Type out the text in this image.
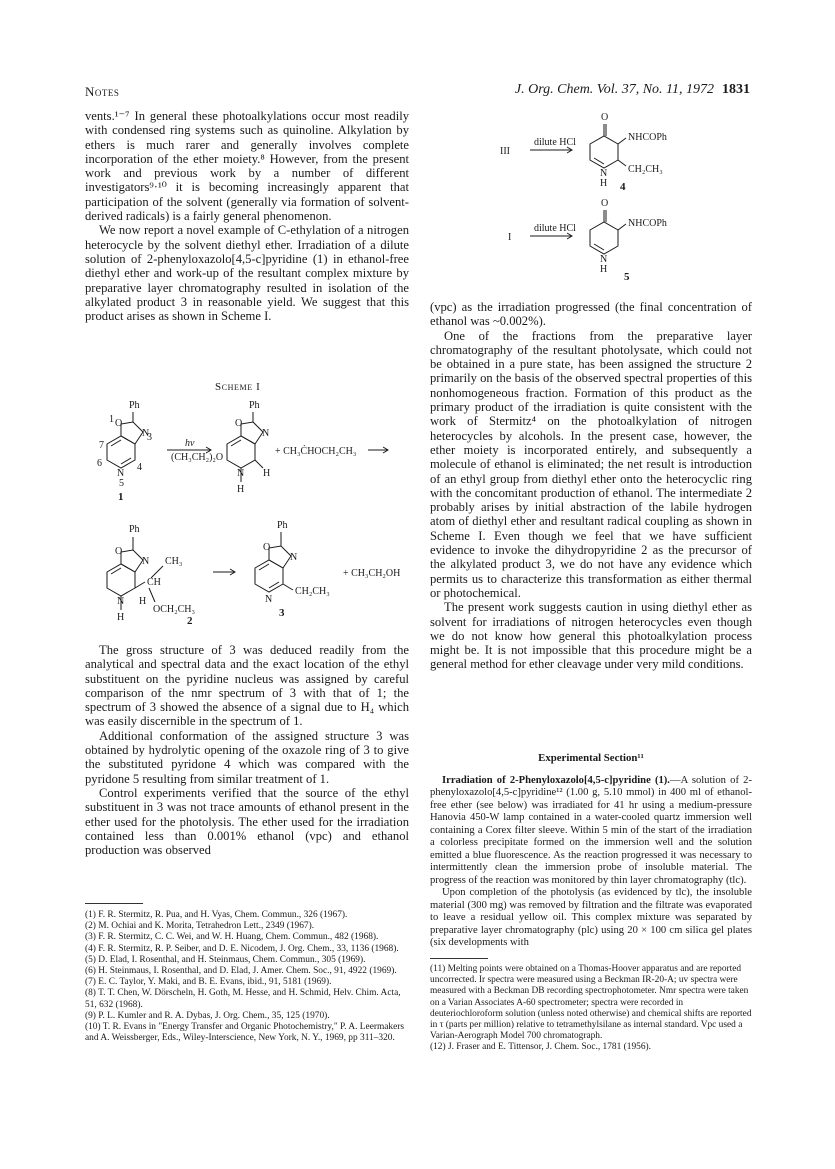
Notes	J. Org. Chem. Vol. 37, No. 11, 1972 1831

vents.¹⁻⁷ In general these photoalkylations occur most readily with condensed ring systems such as quinoline. Alkylation by ethers is much rarer and generally involves complete incorporation of the ether moiety.⁸ However, from the present work and previous work by a number of different investigators⁹·¹⁰ it is becoming increasingly apparent that participation of the solvent (generally via formation of solvent-derived radicals) is a fairly general phenomenon.

We now report a novel example of C-ethylation of a nitrogen heterocycle by the solvent diethyl ether. Irradiation of a dilute solution of 2-phenyloxazolo[4,5-c]pyridine (1) in ethanol-free diethyl ether and work-up of the resultant complex mixture by preparative layer chromatography resulted in isolation of the alkylated product 3 in reasonable yield. We suggest that this product arises as shown in Scheme I.

Scheme I
Ph
O
N
N
5
7
6	4
3
1
1
hν
(CH₃CH₂)₂O
Ph
O
N
N
H
H
+ CH₃ĊHOCH₂CH₃
Ph
O
N
CH
CH₃
OCH₂CH₃
H
N
H	2
Ph
O
N
N
CH₂CH₃
3
+ CH₃CH₂OH

The gross structure of 3 was deduced readily from the analytical and spectral data and the exact location of the ethyl substituent on the pyridine nucleus was assigned by careful comparison of the nmr spectrum of 3 with that of 1; the spectrum of 3 showed the absence of a signal due to H₄ which was easily discernible in the spectrum of 1.

Additional conformation of the assigned structure 3 was obtained by hydrolytic opening of the oxazole ring of 3 to give the substituted pyridone 4 which was compared with the pyridone 5 resulting from similar treatment of 1.

Control experiments verified that the source of the ethyl substituent in 3 was not trace amounts of ethanol present in the ether used for the photolysis. The ether used for the irradiation contained less than 0.001% ethanol (vpc) and ethanol production was observed

(1) F. R. Stermitz, R. Pua, and H. Vyas, Chem. Commun., 326 (1967).
(2) M. Ochiai and K. Morita, Tetrahedron Lett., 2349 (1967).
(3) F. R. Stermitz, C. C. Wei, and W. H. Huang, Chem. Commun., 482 (1968).
(4) F. R. Stermitz, R. P. Seiber, and D. E. Nicodem, J. Org. Chem., 33, 1136 (1968).
(5) D. Elad, I. Rosenthal, and H. Steinmaus, Chem. Commun., 305 (1969).
(6) H. Steinmaus, I. Rosenthal, and D. Elad, J. Amer. Chem. Soc., 91, 4922 (1969).
(7) E. C. Taylor, Y. Maki, and B. E. Evans, ibid., 91, 5181 (1969).
(8) T. T. Chen, W. Dörscheln, H. Goth, M. Hesse, and H. Schmid, Helv. Chim. Acta, 51, 632 (1968).
(9) P. L. Kumler and R. A. Dybas, J. Org. Chem., 35, 125 (1970).
(10) T. R. Evans in "Energy Transfer and Organic Photochemistry," P. A. Leermakers and A. Weissberger, Eds., Wiley-Interscience, New York, N. Y., 1969, pp 311–320.
III
dilute HCl
O
NHCOPh
CH₂CH₃
N
H 4
I
dilute HCl
O
NHCOPh
N
H
5

(vpc) as the irradiation progressed (the final concentration of ethanol was ~0.002%).

One of the fractions from the preparative layer chromatography of the resultant photolysate, which could not be obtained in a pure state, has been assigned the structure 2 primarily on the basis of the observed spectral properties of this nonhomogeneous fraction. Formation of this product as the primary product of the irradiation is quite consistent with the work of Stermitz⁴ on the photoalkylation of nitrogen heterocycles by alcohols. In the present case, however, the ether moiety is incorporated entirely, and subsequently a molecule of ethanol is eliminated; the net result is introduction of an ethyl group from diethyl ether onto the heterocyclic ring with the concomitant production of ethanol. The intermediate 2 probably arises by initial abstraction of the labile hydrogen atom of diethyl ether and resultant radical coupling as shown in Scheme I. Even though we feel that we have sufficient evidence to invoke the dihydropyridine 2 as the precursor of the alkylated product 3, we do not have any evidence which permits us to characterize this transformation as either thermal or photochemical.

The present work suggests caution in using diethyl ether as solvent for irradiations of nitrogen heterocycles even though we do not know how general this photoalkylation process might be. It is not impossible that this procedure might be a general method for ether cleavage under very mild conditions.

Experimental Section¹¹

Irradiation of 2-Phenyloxazolo[4,5-c]pyridine (1).—A solution of 2-phenyloxazolo[4,5-c]pyridine¹² (1.00 g, 5.10 mmol) in 400 ml of ethanol-free ether (see below) was irradiated for 41 hr using a medium-pressure Hanovia 450-W lamp contained in a water-cooled quartz immersion well containing a Corex filter sleeve. Within 5 min of the start of the irradiation a colorless precipitate formed on the immersion well and the solution emitted a blue fluorescence. As the reaction progressed it was necessary to intermittently clean the immersion probe of insoluble material. The progress of the reaction was monitored by thin layer chromatography (tlc).

Upon completion of the photolysis (as evidenced by tlc), the insoluble material (300 mg) was removed by filtration and the filtrate was evaporated to leave a residual yellow oil. This complex mixture was separated by preparative layer chromatography (plc) using 20 × 100 cm silica gel plates (six developments with

(11) Melting points were obtained on a Thomas-Hoover apparatus and are reported uncorrected. Ir spectra were measured using a Beckman IR-20-A; uv spectra were measured with a Beckman DB recording spectrophotometer. Nmr spectra were taken on a Varian Associates A-60 spectrometer; spectra were recorded in deuteriochloroform solution (unless noted otherwise) and chemical shifts are reported in τ (parts per million) relative to tetramethylsilane as internal standard. Vpc used a Varian-Aerograph Model 700 chromatograph.
(12) J. Fraser and E. Tittensor, J. Chem. Soc., 1781 (1956).
